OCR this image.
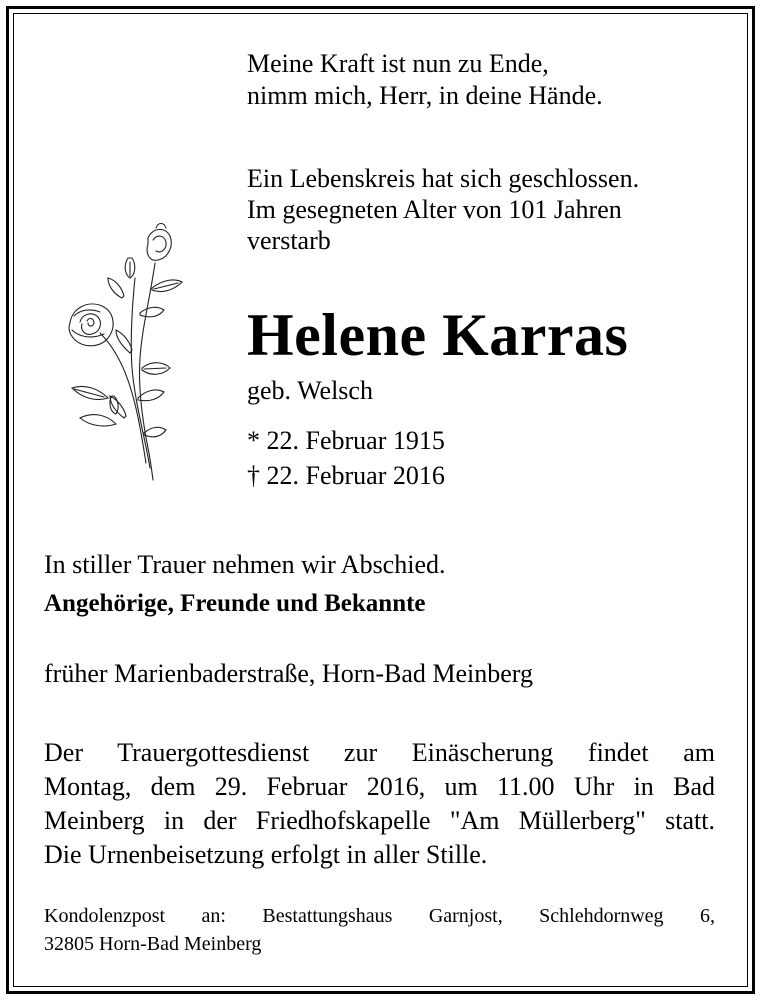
Meine Kraft ist nun zu Ende,
nimm mich, Herr, in deine Hände.
Ein Lebenskreis hat sich geschlossen.
Im gesegneten Alter von 101 Jahren
verstarb
Helene Karras
geb. Welsch
* 22. Februar 1915
† 22. Februar 2016
In stiller Trauer nehmen wir Abschied.
Angehörige, Freunde und Bekannte
früher Marienbaderstraße, Horn-Bad Meinberg
Der Trauergottesdienst zur Einäscherung findet am
Montag, dem 29. Februar 2016, um 11.00 Uhr in Bad
Meinberg in der Friedhofskapelle "Am Müllerberg" statt.
Die Urnenbeisetzung erfolgt in aller Stille.
Kondolenzpost an: Bestattungshaus Garnjost, Schlehdornweg 6,
32805 Horn-Bad Meinberg
